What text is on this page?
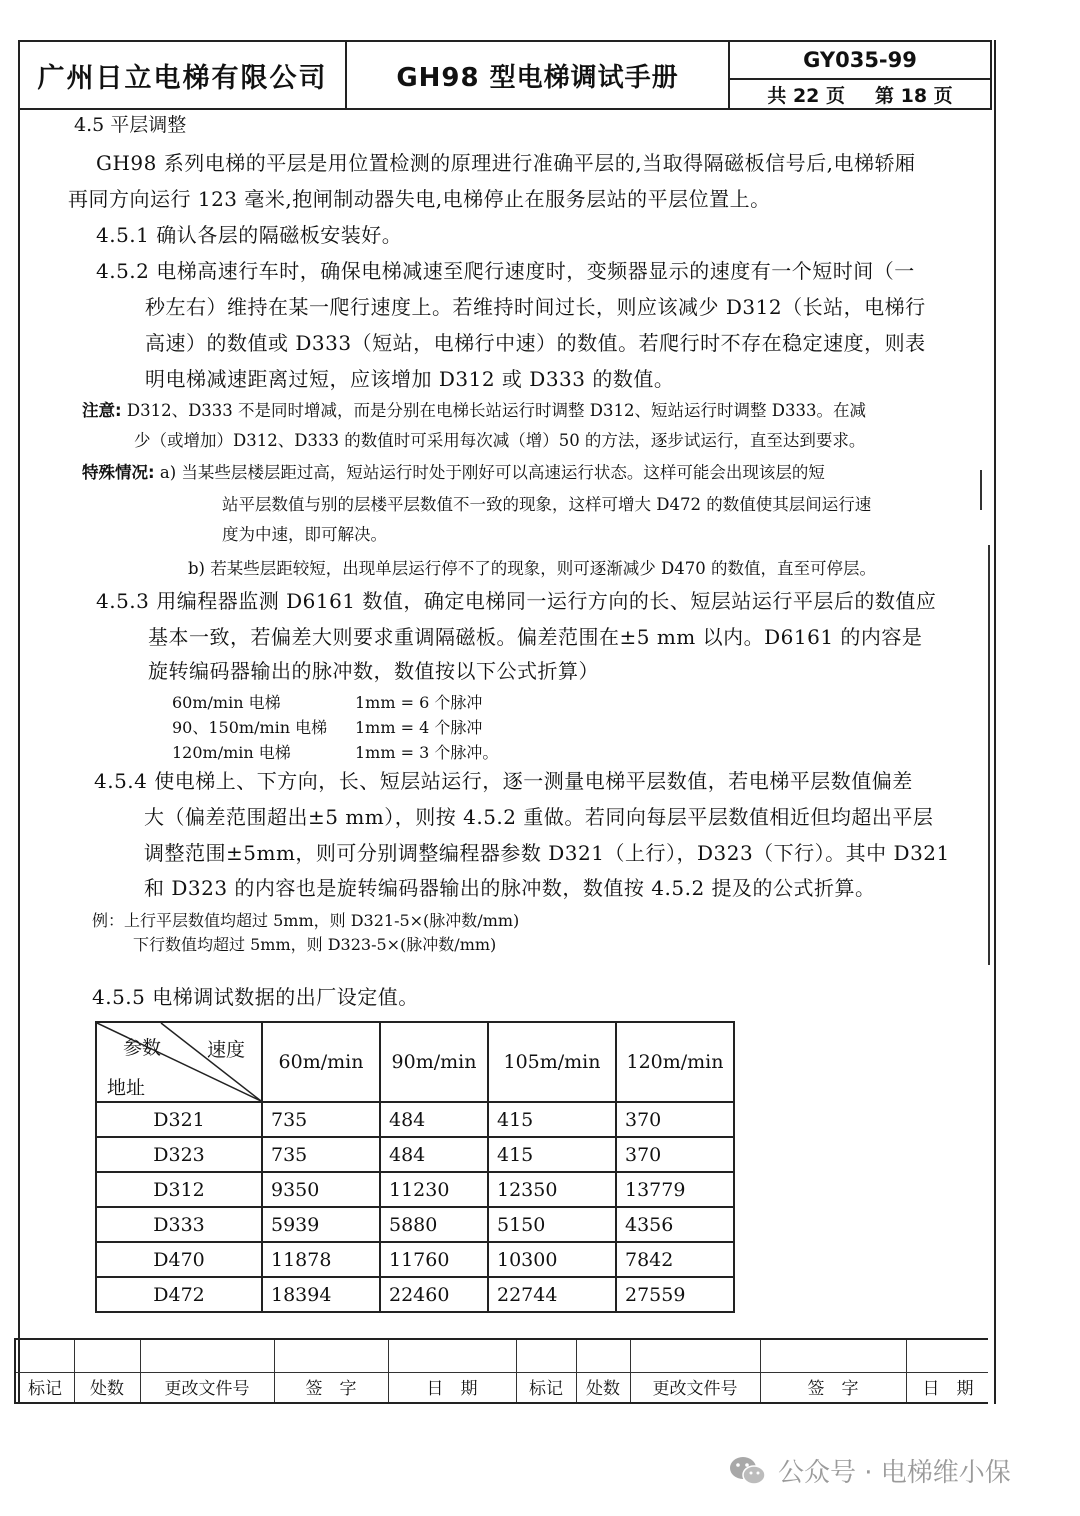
广州日立电梯有限公司	GH98 型电梯调试手册
GY035-99
共 22 页 第 18 页
4.5 平层调整
GH98 系列电梯的平层是用位置检测的原理进行准确平层的,当取得隔磁板信号后,电梯轿厢
再同方向运行 123 毫米,抱闸制动器失电,电梯停止在服务层站的平层位置上。
4.5.1 确认各层的隔磁板安装好。
4.5.2 电梯高速行车时，确保电梯减速至爬行速度时，变频器显示的速度有一个短时间（一
秒左右）维持在某一爬行速度上。若维持时间过长，则应该减少 D312（长站，电梯行
高速）的数值或 D333（短站，电梯行中速）的数值。若爬行时不存在稳定速度，则表
明电梯减速距离过短，应该增加 D312 或 D333 的数值。
注意: D312、D333 不是同时增减，而是分别在电梯长站运行时调整 D312、短站运行时调整 D333。在减
少（或增加）D312、D333 的数值时可采用每次减（增）50 的方法，逐步试运行，直至达到要求。
特殊情况: a) 当某些层楼层距过高，短站运行时处于刚好可以高速运行状态。这样可能会出现该层的短
站平层数值与别的层楼平层数值不一致的现象，这样可增大 D472 的数值使其层间运行速
度为中速，即可解决。
b) 若某些层距较短，出现单层运行停不了的现象，则可逐渐减少 D470 的数值，直至可停层。
4.5.3 用编程器监测 D6161 数值，确定电梯同一运行方向的长、短层站运行平层后的数值应
基本一致，若偏差大则要求重调隔磁板。偏差范围在±5 mm 以内。D6161 的内容是
旋转编码器输出的脉冲数，数值按以下公式折算）
60m/min 电梯	1mm = 6 个脉冲
90、150m/min 电梯 1mm = 4 个脉冲
120m/min 电梯	1mm = 3 个脉冲。
4.5.4 使电梯上、下方向，长、短层站运行，逐一测量电梯平层数值，若电梯平层数值偏差
大（偏差范围超出±5 mm），则按 4.5.2 重做。若同向每层平层数值相近但均超出平层
调整范围±5mm，则可分别调整编程器参数 D321（上行），D323（下行）。其中 D321
和 D323 的内容也是旋转编码器输出的脉冲数，数值按 4.5.2 提及的公式折算。
例：上行平层数值均超过 5mm，则 D321-5×(脉冲数/mm)
下行数值均超过 5mm，则 D323-5×(脉冲数/mm)
4.5.5 电梯调试数据的出厂设定值。
参数 速度
地址	60m/min	90m/min	105m/min	120m/min
D321	735	484	415	370
D323	735	484	415	370
D312	9350	11230	12350	13779
D333	5939	5880	5150	4356
D470	11878	11760	10300	7842
D472	18394	22460	22744	27559
标记	处数	更改文件号	签　字	日　期	标记	处数	更改文件号	签　字	日　期
公众号 · 电梯维小保
